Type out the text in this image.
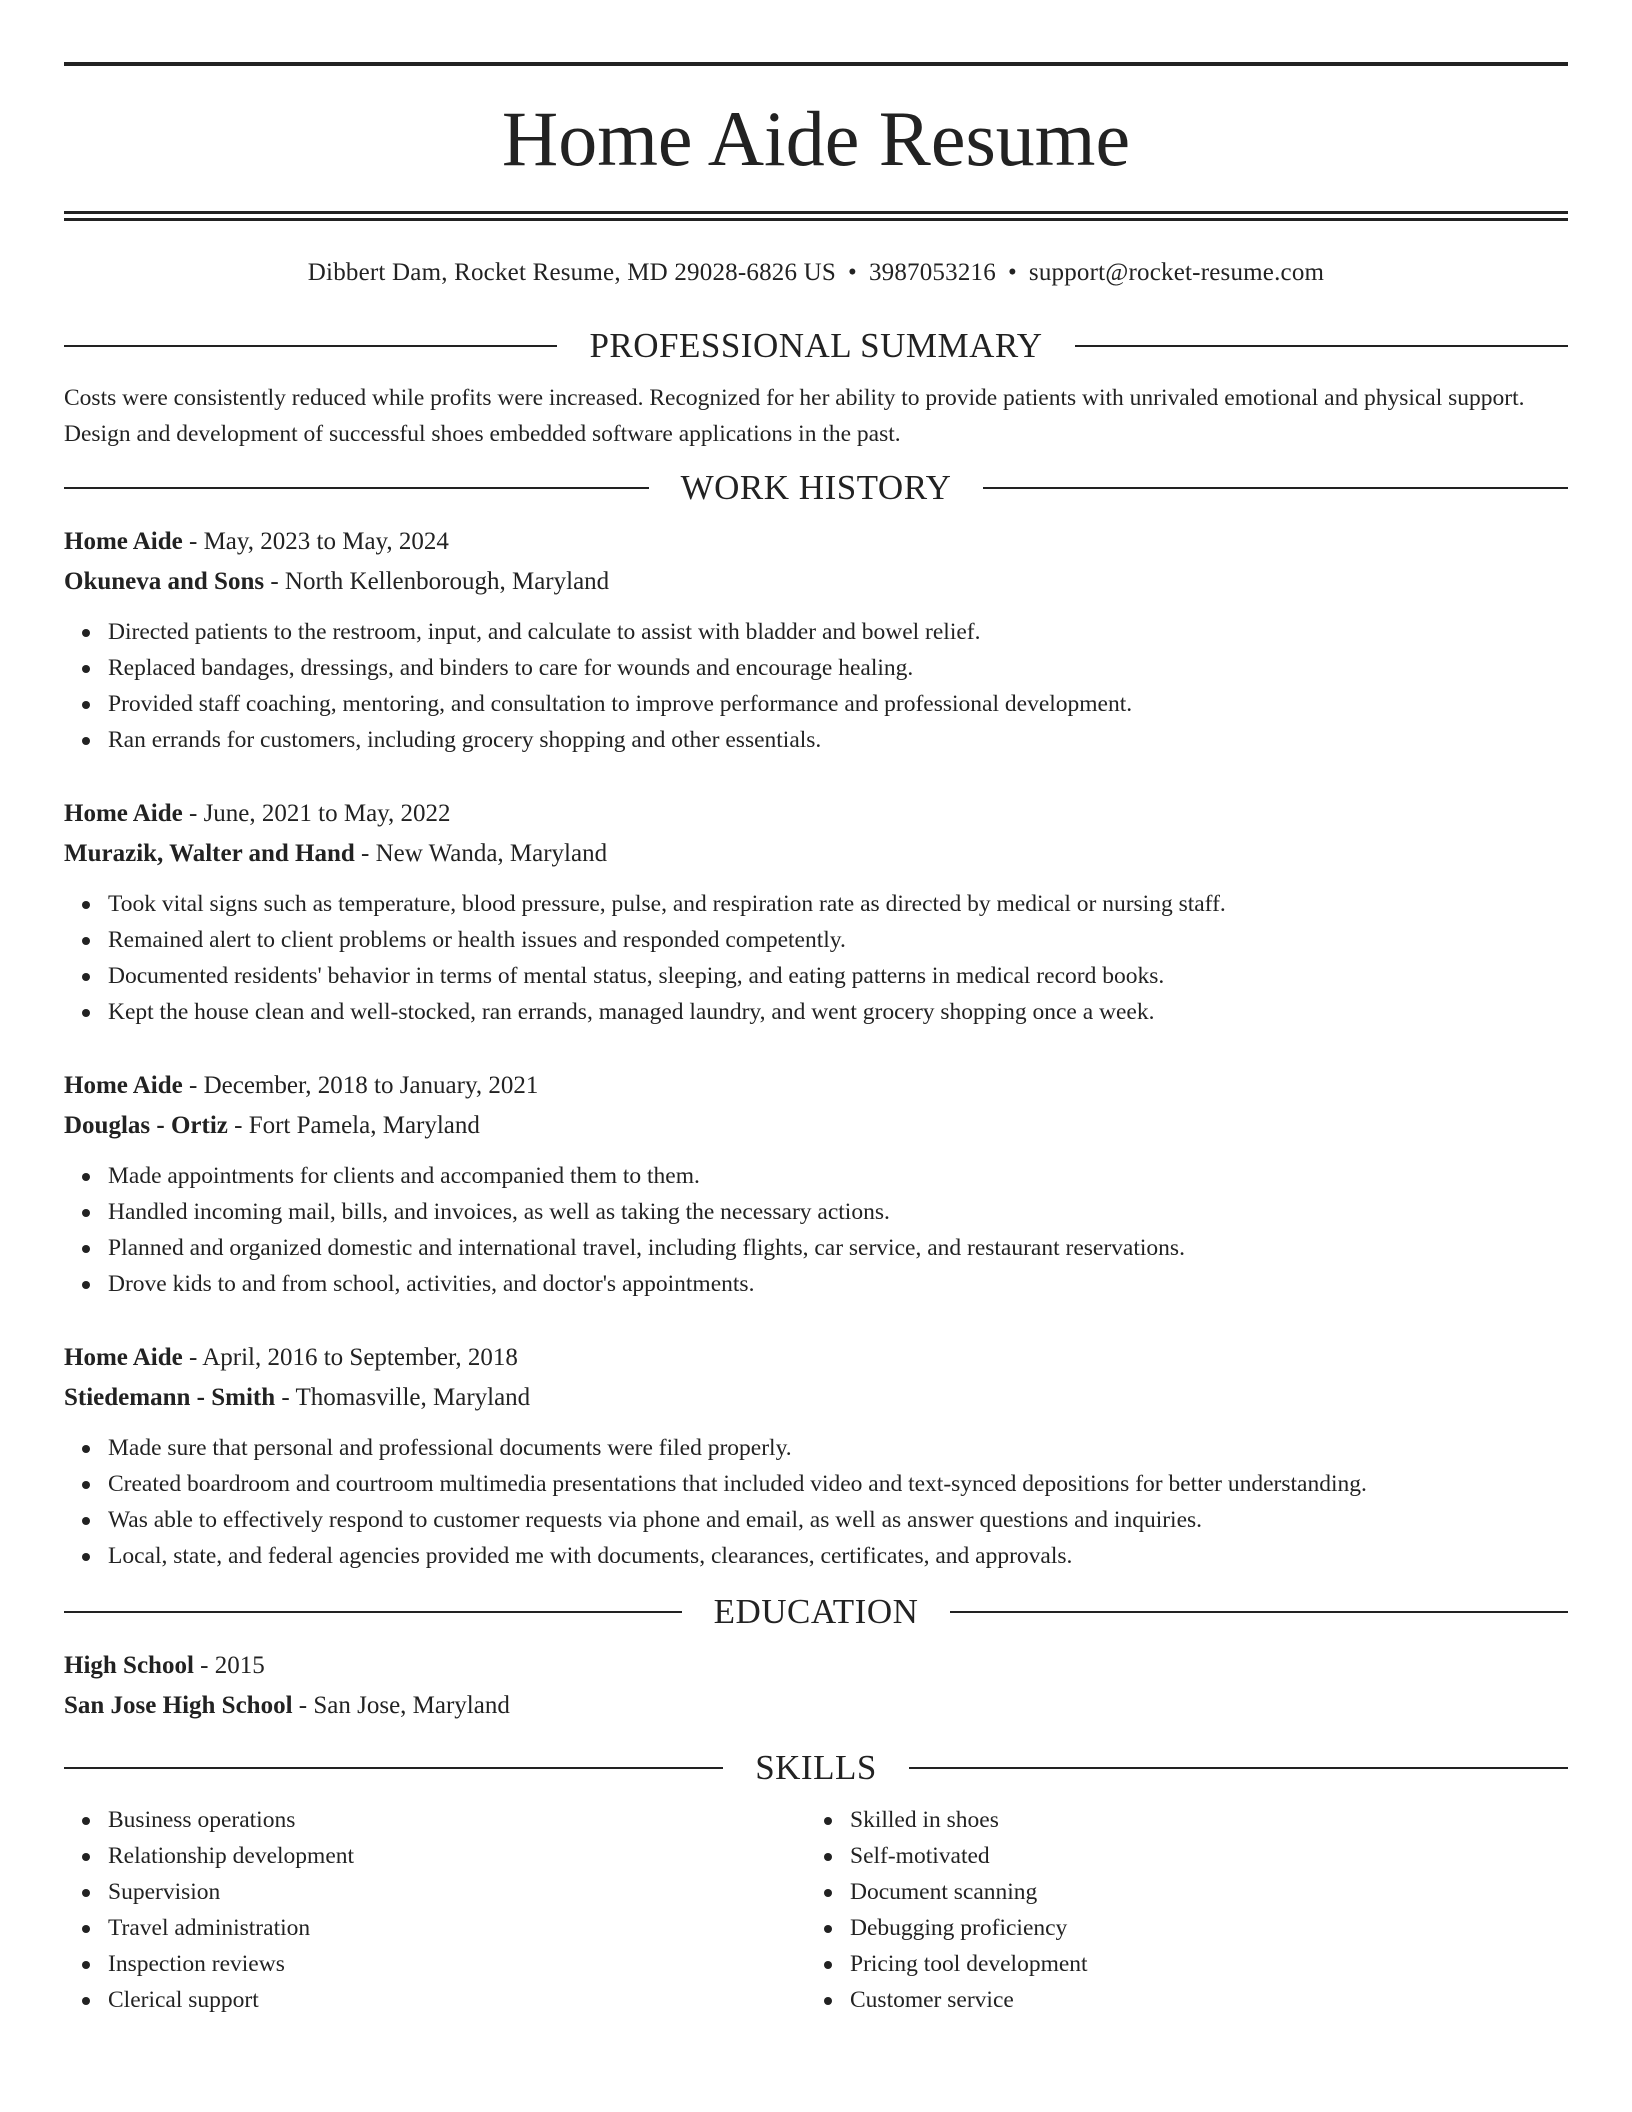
Home Aide Resume
Dibbert Dam, Rocket Resume, MD 29028-6826 US • 3987053216 • support@rocket-resume.com
PROFESSIONAL SUMMARY
Costs were consistently reduced while profits were increased. Recognized for her ability to provide patients with unrivaled emotional and physical support. Design and development of successful shoes embedded software applications in the past.
WORK HISTORY
Home Aide - May, 2023 to May, 2024
Okuneva and Sons - North Kellenborough, Maryland
Directed patients to the restroom, input, and calculate to assist with bladder and bowel relief.
Replaced bandages, dressings, and binders to care for wounds and encourage healing.
Provided staff coaching, mentoring, and consultation to improve performance and professional development.
Ran errands for customers, including grocery shopping and other essentials.
Home Aide - June, 2021 to May, 2022
Murazik, Walter and Hand - New Wanda, Maryland
Took vital signs such as temperature, blood pressure, pulse, and respiration rate as directed by medical or nursing staff.
Remained alert to client problems or health issues and responded competently.
Documented residents' behavior in terms of mental status, sleeping, and eating patterns in medical record books.
Kept the house clean and well-stocked, ran errands, managed laundry, and went grocery shopping once a week.
Home Aide - December, 2018 to January, 2021
Douglas - Ortiz - Fort Pamela, Maryland
Made appointments for clients and accompanied them to them.
Handled incoming mail, bills, and invoices, as well as taking the necessary actions.
Planned and organized domestic and international travel, including flights, car service, and restaurant reservations.
Drove kids to and from school, activities, and doctor's appointments.
Home Aide - April, 2016 to September, 2018
Stiedemann - Smith - Thomasville, Maryland
Made sure that personal and professional documents were filed properly.
Created boardroom and courtroom multimedia presentations that included video and text-synced depositions for better understanding.
Was able to effectively respond to customer requests via phone and email, as well as answer questions and inquiries.
Local, state, and federal agencies provided me with documents, clearances, certificates, and approvals.
EDUCATION
High School - 2015
San Jose High School - San Jose, Maryland
SKILLS
Business operations
Relationship development
Supervision
Travel administration
Inspection reviews
Clerical support
Skilled in shoes
Self-motivated
Document scanning
Debugging proficiency
Pricing tool development
Customer service
